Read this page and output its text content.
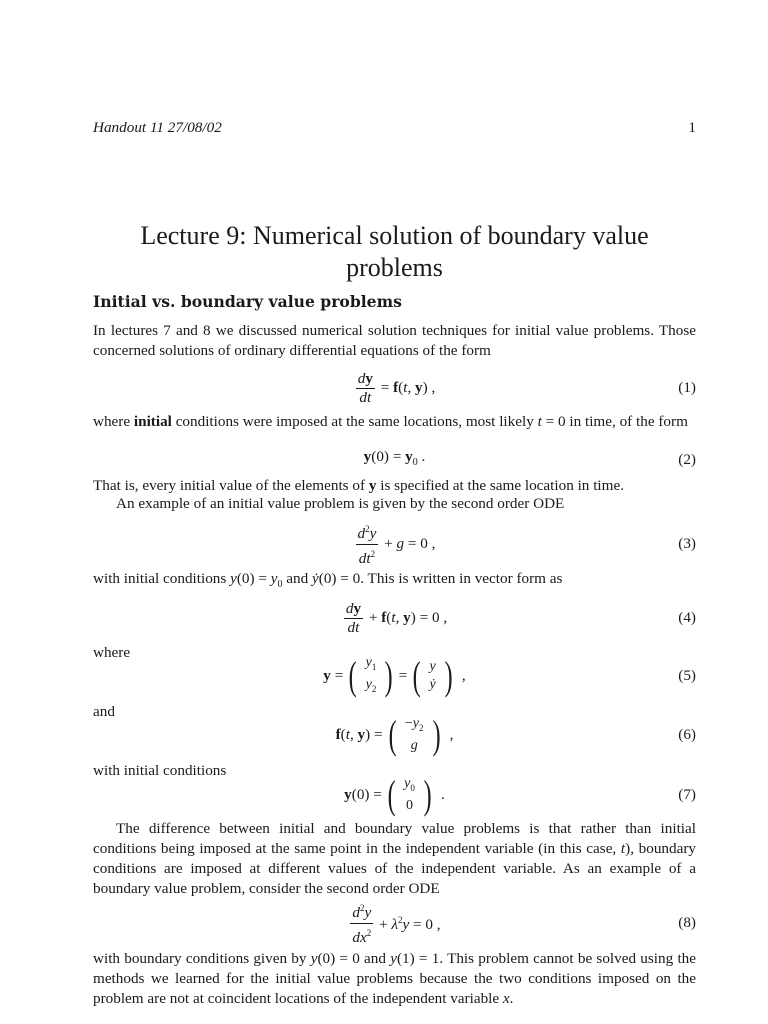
Handout 11 27/08/02	1
Lecture 9: Numerical solution of boundary value
problems
Initial vs. boundary value problems
In lectures 7 and 8 we discussed numerical solution techniques for initial value problems. Those concerned solutions of ordinary differential equations of the form
$\frac{dy}{dt} = f(t$, y) ,	(1)
where initial conditions were imposed at the same locations, most likely t = 0 in time, of the form
$y(0) = y_0$ .	(2)
That is, every initial value of the elements of y is specified at the same location in time.
An example of an initial value problem is given by the second order ODE
$\frac{d^2y}{dt^2} + g = 0$ ,	(3)
with initial conditions $y(0) = y_0$ and ẏ(0) = 0. This is written in vector form as
$\frac{dy}{dt} + f(t$, y) = 0 ,	(4)
where
y = ( $y_1$
$y_2$ ) = ( y
ẏ ) ,	(5)
and
f(t, y) = ( $-y_2$
g ) ,	(6)
with initial conditions
y(0) = ( $y_0$
0 ) .	(7)
The difference between initial and boundary value problems is that rather than initial conditions being imposed at the same point in the independent variable (in this case, t), boundary conditions are imposed at different values of the independent variable. As an example of a boundary value problem, consider the second order ODE
$\frac{d^2y}{dx^2} + \lambda^2y = 0$ ,	(8)
with boundary conditions given by y(0) = 0 and y(1) = 1. This problem cannot be solved using the methods we learned for the initial value problems because the two conditions imposed on the problem are not at coincident locations of the independent variable x.
